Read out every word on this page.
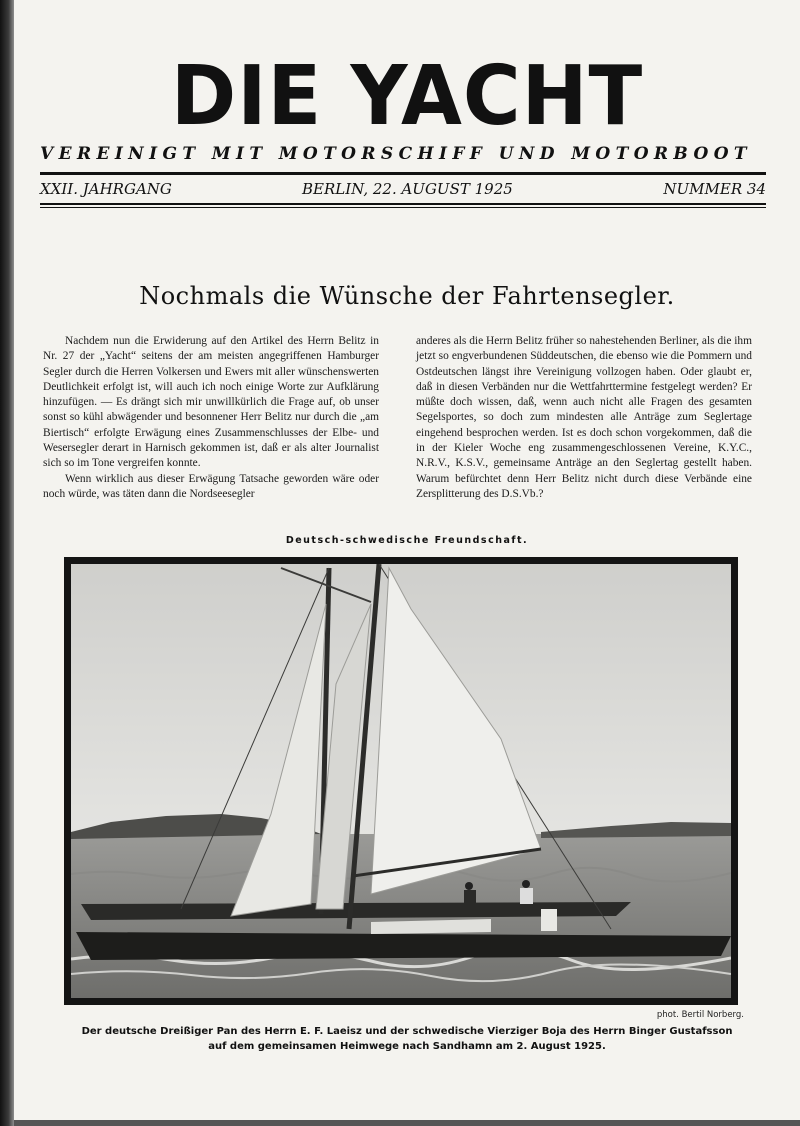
DIE YACHT
VEREINIGT MIT MOTORSCHIFF UND MOTORBOOT
XXII. JAHRGANG	BERLIN, 22. AUGUST 1925	NUMMER 34
Nochmals die Wünsche der Fahrtensegler.

Nachdem nun die Erwiderung auf den Artikel des Herrn Belitz in Nr. 27 der „Yacht“ seitens der am meisten angegriffenen Hamburger Segler durch die Herren Volkersen und Ewers mit aller wünschenswerten Deutlichkeit erfolgt ist, will auch ich noch einige Worte zur Aufklärung hinzufügen. — Es drängt sich mir unwillkürlich die Frage auf, ob unser sonst so kühl abwägender und besonnener Herr Belitz nur durch die „am Biertisch“ erfolgte Erwägung eines Zusammenschlusses der Elbe- und Wesersegler derart in Harnisch gekommen ist, daß er als alter Journalist sich so im Tone vergreifen konnte.

Wenn wirklich aus dieser Erwägung Tatsache geworden wäre oder noch würde, was täten dann die Nordseesegler

anderes als die Herrn Belitz früher so nahestehenden Berliner, als die ihm jetzt so engverbundenen Süddeutschen, die ebenso wie die Pommern und Ostdeutschen längst ihre Vereinigung vollzogen haben. Oder glaubt er, daß in diesen Verbänden nur die Wettfahrttermine festgelegt werden? Er müßte doch wissen, daß, wenn auch nicht alle Fragen des gesamten Segelsportes, so doch zum mindesten alle Anträge zum Seglertage eingehend besprochen werden. Ist es doch schon vorgekommen, daß die in der Kieler Woche eng zusammengeschlossenen Vereine, K.Y.C., N.R.V., K.S.V., gemeinsame Anträge an den Seglertag gestellt haben. Warum befürchtet denn Herr Belitz nicht durch diese Verbände eine Zersplitterung des D.S.Vb.?

Deutsch-schwedische Freundschaft.
phot. Bertil Norberg.
Der deutsche Dreißiger Pan des Herrn E. F. Laeisz und der schwedische Vierziger Boja des Herrn Binger Gustafsson
auf dem gemeinsamen Heimwege nach Sandhamn am 2. August 1925.
